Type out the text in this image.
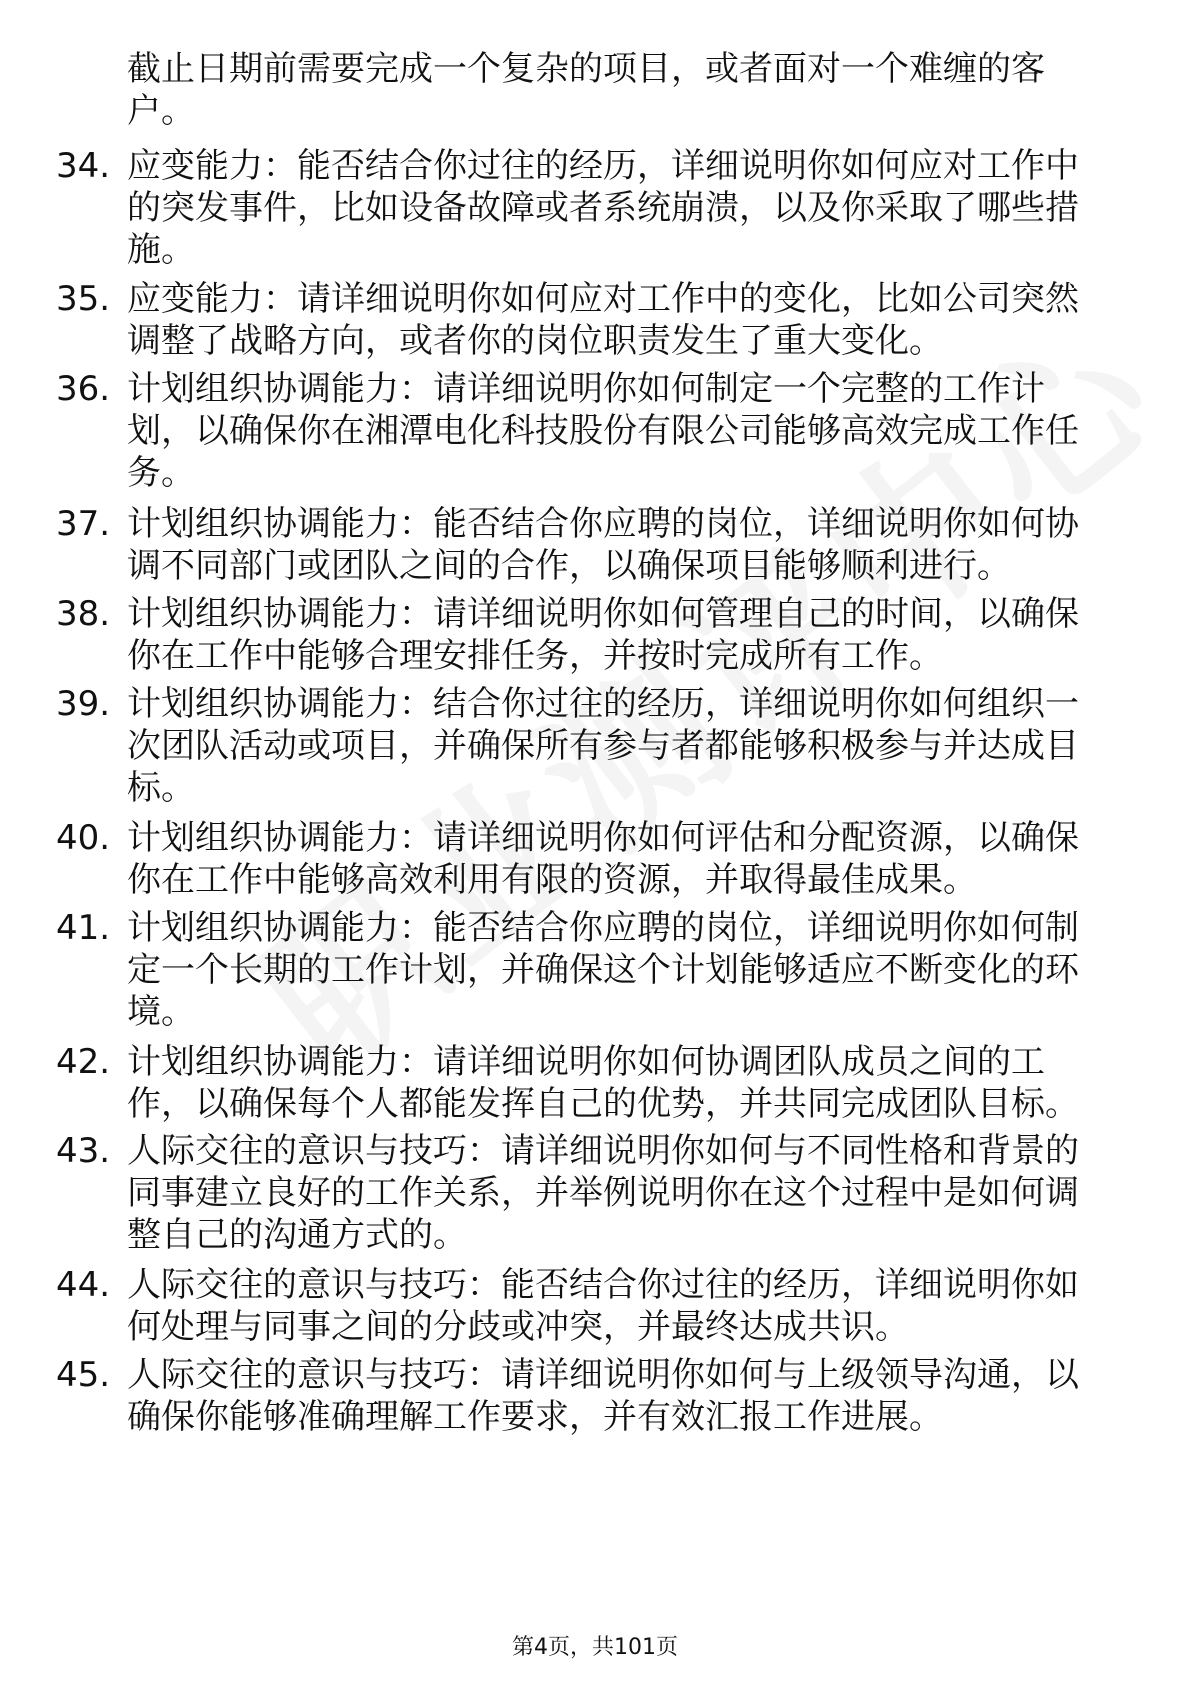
截止日期前需要完成一个复杂的项目，或者面对一个难缠的客户。
34. 应变能力：能否结合你过往的经历，详细说明你如何应对工作中的突发事件，比如设备故障或者系统崩溃，以及你采取了哪些措施。
35. 应变能力：请详细说明你如何应对工作中的变化，比如公司突然调整了战略方向，或者你的岗位职责发生了重大变化。
36. 计划组织协调能力：请详细说明你如何制定一个完整的工作计划，以确保你在湘潭电化科技股份有限公司能够高效完成工作任务。
37. 计划组织协调能力：能否结合你应聘的岗位，详细说明你如何协调不同部门或团队之间的合作，以确保项目能够顺利进行。
38. 计划组织协调能力：请详细说明你如何管理自己的时间，以确保你在工作中能够合理安排任务，并按时完成所有工作。
39. 计划组织协调能力：结合你过往的经历，详细说明你如何组织一次团队活动或项目，并确保所有参与者都能够积极参与并达成目标。
40. 计划组织协调能力：请详细说明你如何评估和分配资源，以确保你在工作中能够高效利用有限的资源，并取得最佳成果。
41. 计划组织协调能力：能否结合你应聘的岗位，详细说明你如何制定一个长期的工作计划，并确保这个计划能够适应不断变化的环境。
42. 计划组织协调能力：请详细说明你如何协调团队成员之间的工作，以确保每个人都能发挥自己的优势，并共同完成团队目标。
43. 人际交往的意识与技巧：请详细说明你如何与不同性格和背景的同事建立良好的工作关系，并举例说明你在这个过程中是如何调整自己的沟通方式的。
44. 人际交往的意识与技巧：能否结合你过往的经历，详细说明你如何处理与同事之间的分歧或冲突，并最终达成共识。
45. 人际交往的意识与技巧：请详细说明你如何与上级领导沟通，以确保你能够准确理解工作要求，并有效汇报工作进展。
第4页，共101页
